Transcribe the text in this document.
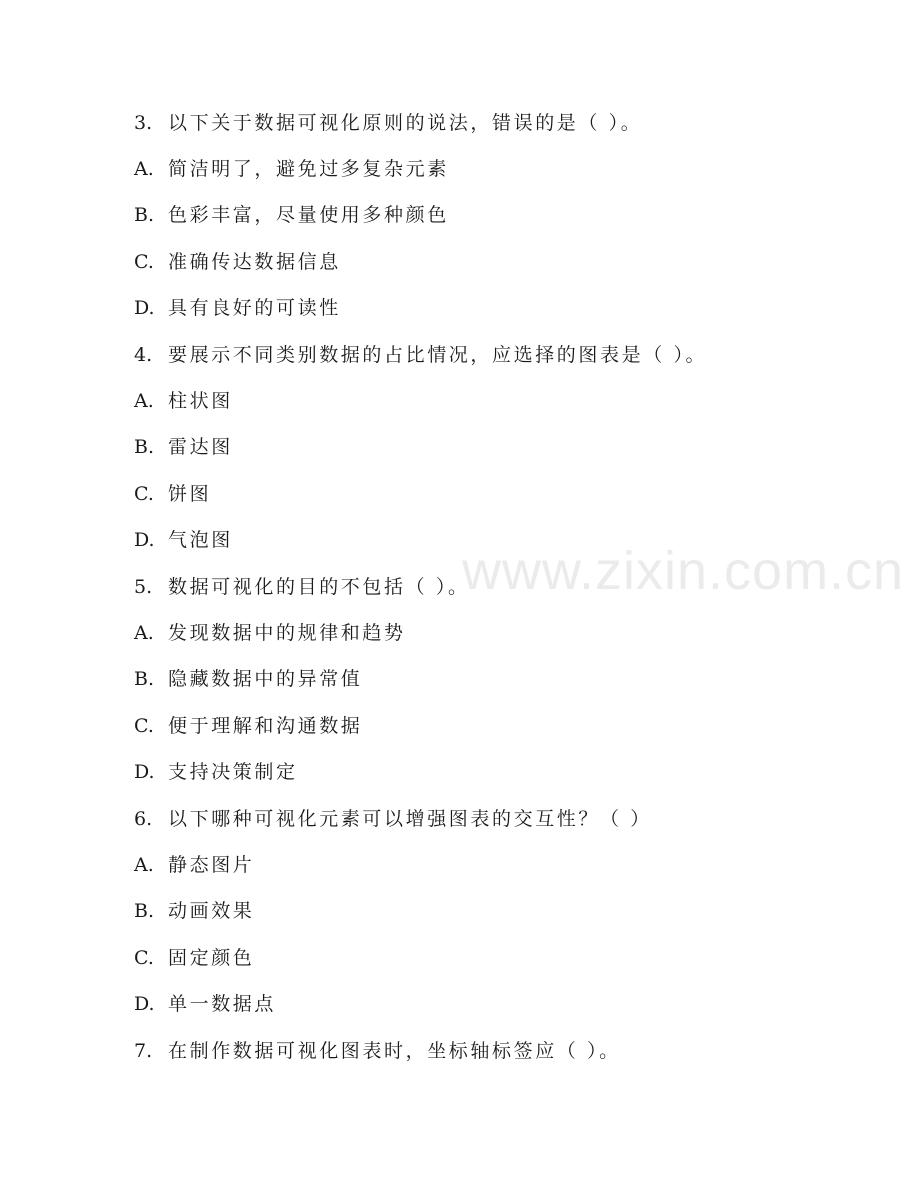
www.zixin.com.cn
3. 以下关于数据可视化原则的说法，错误的是（ ）。
A. 简洁明了，避免过多复杂元素
B. 色彩丰富，尽量使用多种颜色
C. 准确传达数据信息
D. 具有良好的可读性
4. 要展示不同类别数据的占比情况，应选择的图表是（ ）。
A. 柱状图
B. 雷达图
C. 饼图
D. 气泡图
5. 数据可视化的目的不包括（ ）。
A. 发现数据中的规律和趋势
B. 隐藏数据中的异常值
C. 便于理解和沟通数据
D. 支持决策制定
6. 以下哪种可视化元素可以增强图表的交互性？（ ）
A. 静态图片
B. 动画效果
C. 固定颜色
D. 单一数据点
7. 在制作数据可视化图表时，坐标轴标签应（ ）。
